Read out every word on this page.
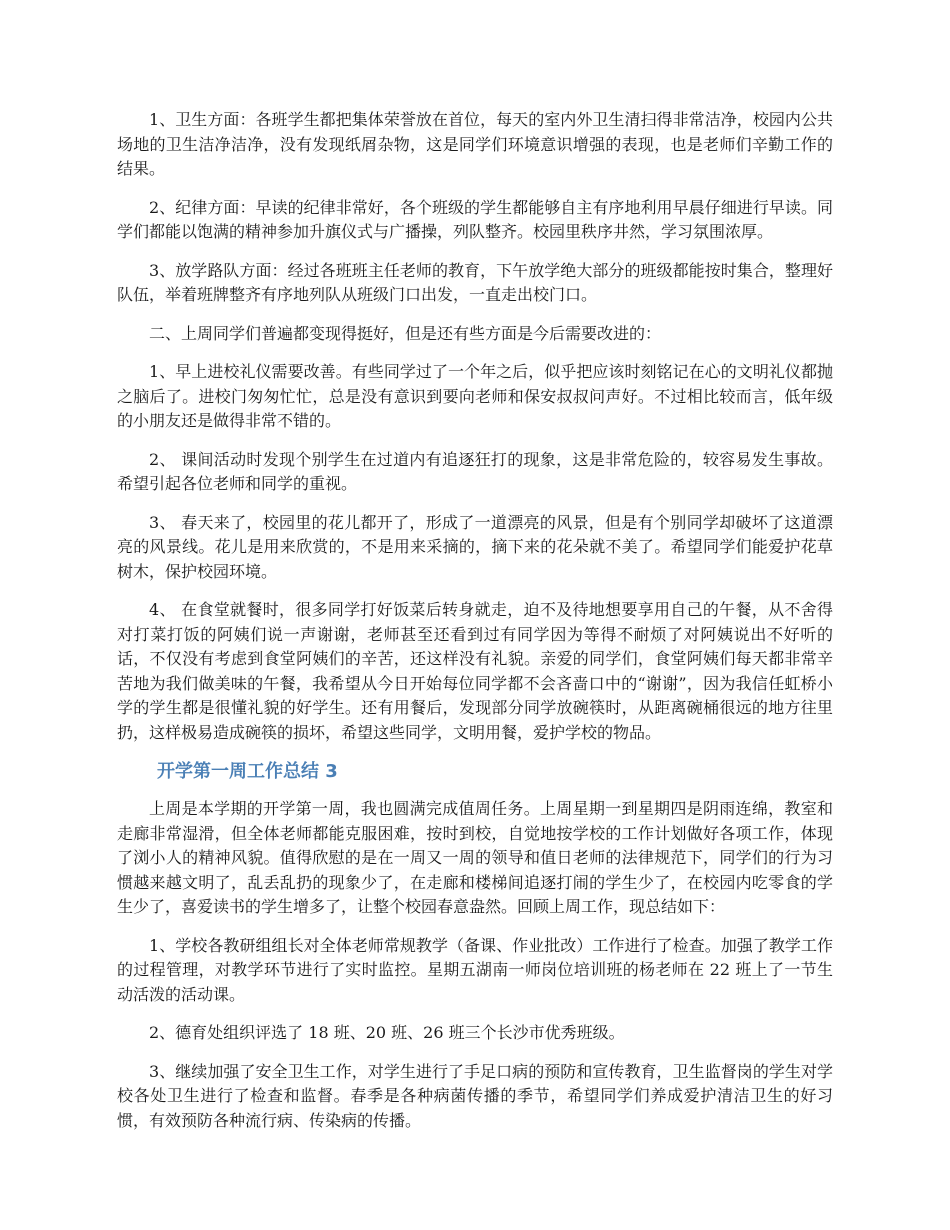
1、卫生方面：各班学生都把集体荣誉放在首位，每天的室内外卫生清扫得非常洁净，校园内公共场地的卫生洁净洁净，没有发现纸屑杂物，这是同学们环境意识增强的表现，也是老师们辛勤工作的结果。

2、纪律方面：早读的纪律非常好，各个班级的学生都能够自主有序地利用早晨仔细进行早读。同学们都能以饱满的精神参加升旗仪式与广播操，列队整齐。校园里秩序井然，学习氛围浓厚。

3、放学路队方面：经过各班班主任老师的教育，下午放学绝大部分的班级都能按时集合，整理好队伍，举着班牌整齐有序地列队从班级门口出发，一直走出校门口。

二、上周同学们普遍都变现得挺好，但是还有些方面是今后需要改进的：

1、早上进校礼仪需要改善。有些同学过了一个年之后，似乎把应该时刻铭记在心的文明礼仪都抛之脑后了。进校门匆匆忙忙，总是没有意识到要向老师和保安叔叔问声好。不过相比较而言，低年级的小朋友还是做得非常不错的。

2、 课间活动时发现个别学生在过道内有追逐狂打的现象，这是非常危险的，较容易发生事故。希望引起各位老师和同学的重视。

3、 春天来了，校园里的花儿都开了，形成了一道漂亮的风景，但是有个别同学却破坏了这道漂亮的风景线。花儿是用来欣赏的，不是用来采摘的，摘下来的花朵就不美了。希望同学们能爱护花草树木，保护校园环境。

4、 在食堂就餐时，很多同学打好饭菜后转身就走，迫不及待地想要享用自己的午餐，从不舍得对打菜打饭的阿姨们说一声谢谢，老师甚至还看到过有同学因为等得不耐烦了对阿姨说出不好听的话，不仅没有考虑到食堂阿姨们的辛苦，还这样没有礼貌。亲爱的同学们，食堂阿姨们每天都非常辛苦地为我们做美味的午餐，我希望从今日开始每位同学都不会吝啬口中的“谢谢”，因为我信任虹桥小学的学生都是很懂礼貌的好学生。还有用餐后，发现部分同学放碗筷时，从距离碗桶很远的地方往里扔，这样极易造成碗筷的损坏，希望这些同学，文明用餐，爱护学校的物品。

开学第一周工作总结 3

上周是本学期的开学第一周，我也圆满完成值周任务。上周星期一到星期四是阴雨连绵，教室和走廊非常湿滑，但全体老师都能克服困难，按时到校，自觉地按学校的工作计划做好各项工作，体现了浏小人的精神风貌。值得欣慰的是在一周又一周的领导和值日老师的法律规范下，同学们的行为习惯越来越文明了，乱丢乱扔的现象少了，在走廊和楼梯间追逐打闹的学生少了，在校园内吃零食的学生少了，喜爱读书的学生增多了，让整个校园春意盎然。回顾上周工作，现总结如下：

1、学校各教研组组长对全体老师常规教学（备课、作业批改）工作进行了检查。加强了教学工作的过程管理，对教学环节进行了实时监控。星期五湖南一师岗位培训班的杨老师在 22 班上了一节生动活泼的活动课。

2、德育处组织评选了 18 班、20 班、26 班三个长沙市优秀班级。

3、继续加强了安全卫生工作，对学生进行了手足口病的预防和宣传教育，卫生监督岗的学生对学校各处卫生进行了检查和监督。春季是各种病菌传播的季节，希望同学们养成爱护清洁卫生的好习惯，有效预防各种流行病、传染病的传播。
